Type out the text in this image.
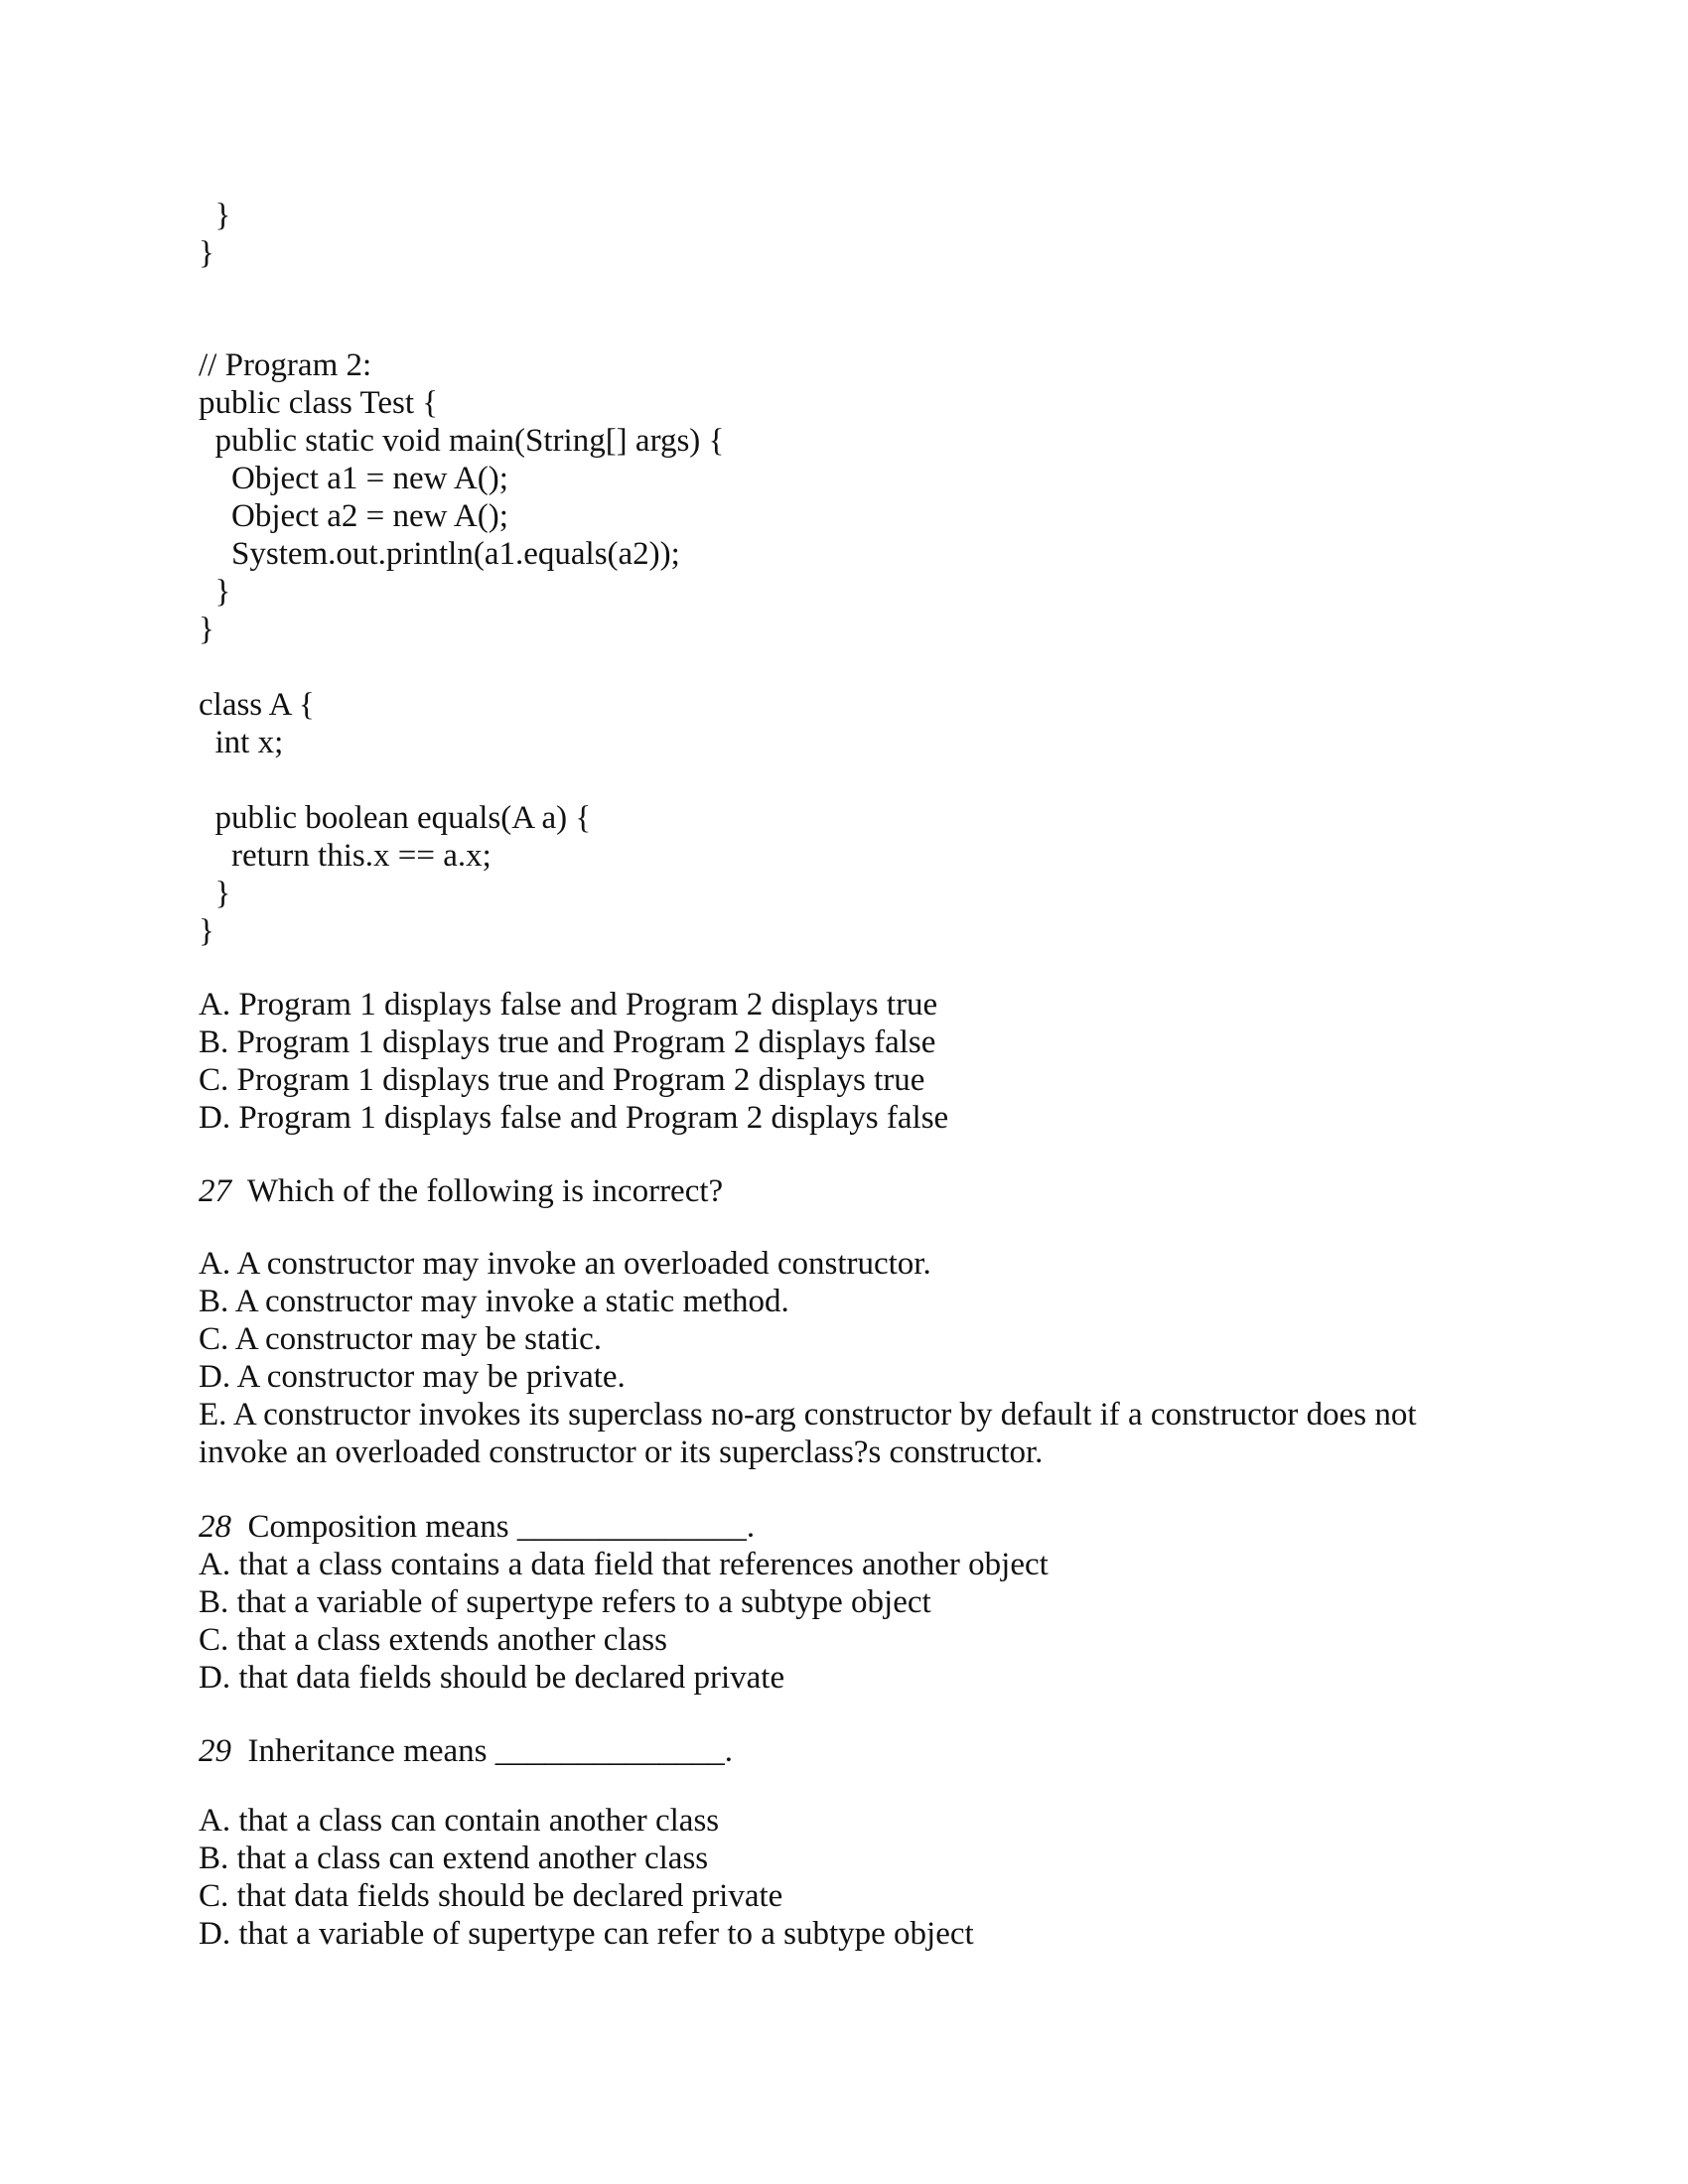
}

}

// Program 2:

public class Test {

public static void main(String[] args) {

Object a1 = new A();

Object a2 = new A();

System.out.println(a1.equals(a2));

}

}

class A {

int x;

public boolean equals(A a) {

return this.x == a.x;

}

}

A. Program 1 displays false and Program 2 displays true

B. Program 1 displays true and Program 2 displays false

C. Program 1 displays true and Program 2 displays true

D. Program 1 displays false and Program 2 displays false

27  Which of the following is incorrect?

A. A constructor may invoke an overloaded constructor.

B. A constructor may invoke a static method.

C. A constructor may be static.

D. A constructor may be private.

E. A constructor invokes its superclass no-arg constructor by default if a constructor does not

invoke an overloaded constructor or its superclass?s constructor.

28  Composition means ______________.

A. that a class contains a data field that references another object

B. that a variable of supertype refers to a subtype object

C. that a class extends another class

D. that data fields should be declared private

29  Inheritance means ______________.

A. that a class can contain another class

B. that a class can extend another class

C. that data fields should be declared private

D. that a variable of supertype can refer to a subtype object
